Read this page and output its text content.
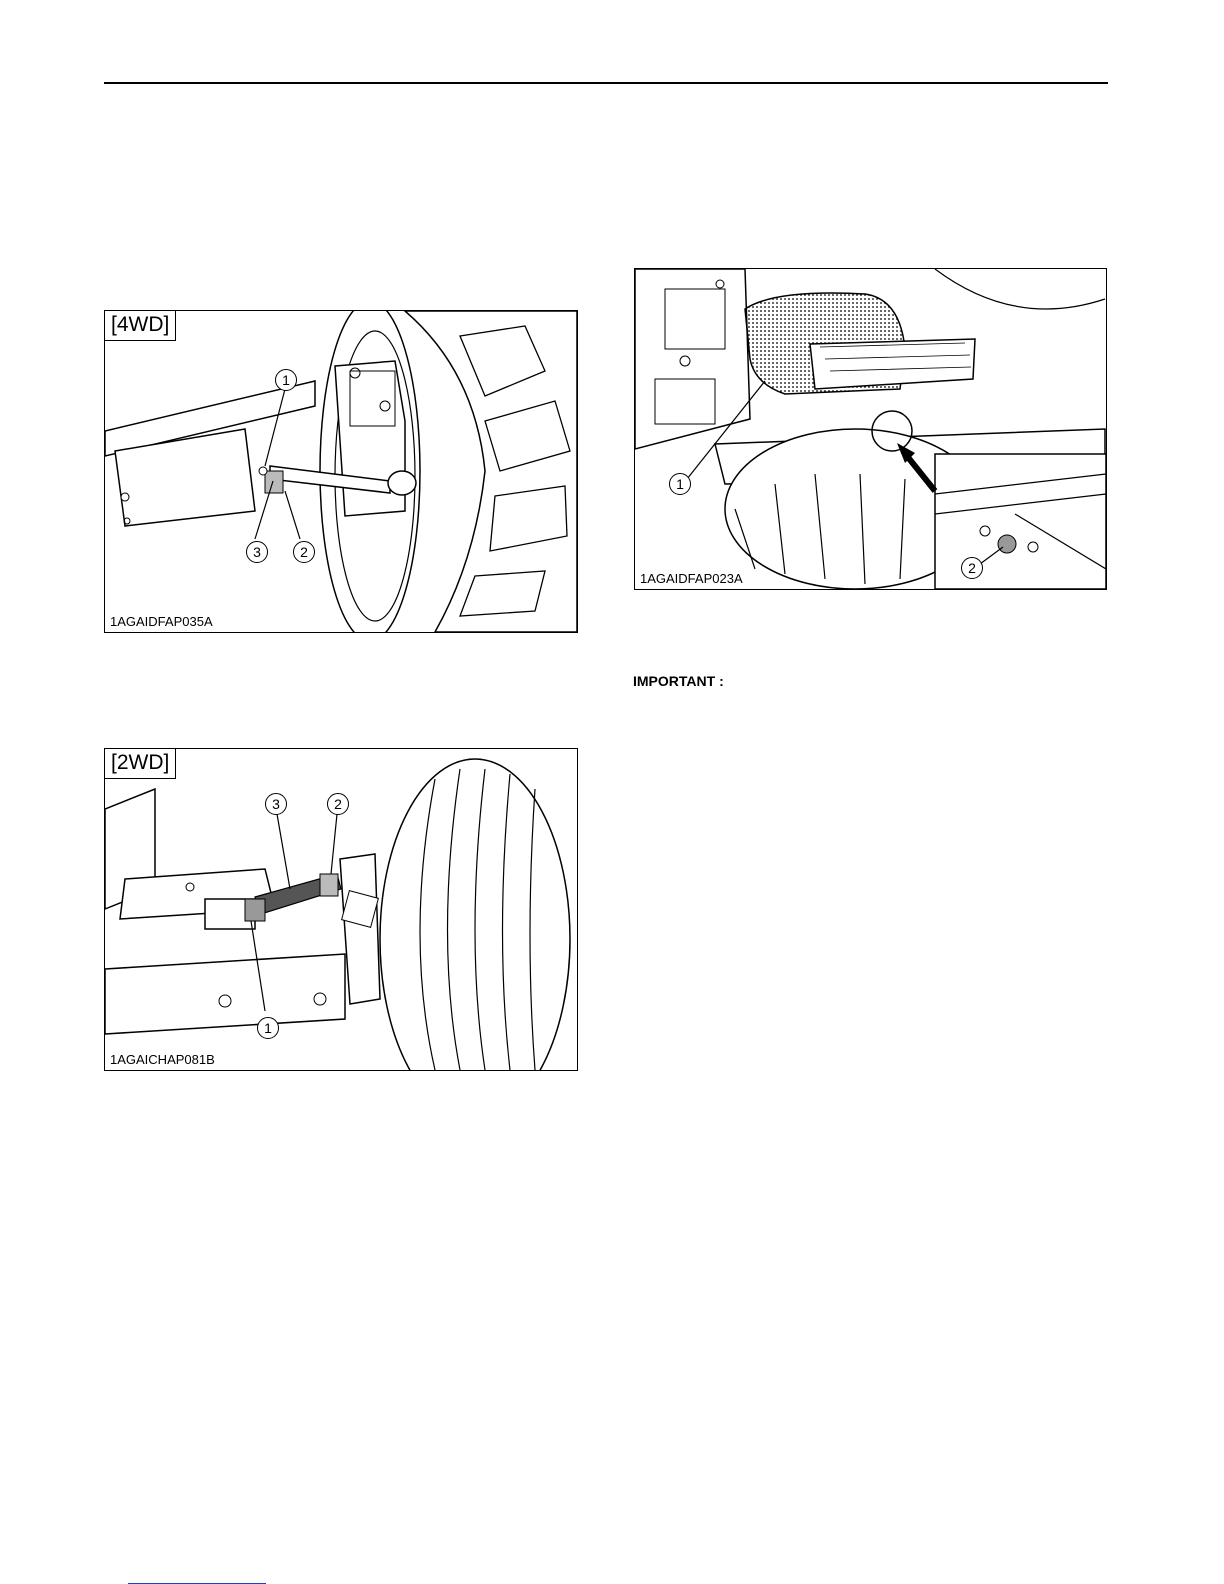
[4WD]
1
2
3
1AGAIDFAP035A
[2WD]
1
2
3
1AGAICHAP081B
1
2
1AGAIDFAP023A
IMPORTANT :
